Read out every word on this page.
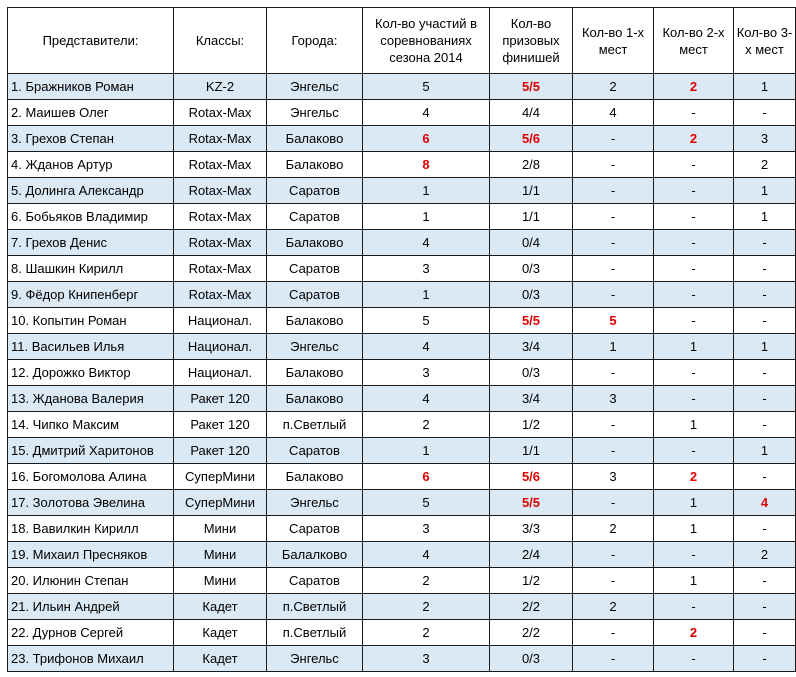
Представители:	Классы:	Города:	Кол-во участий в соревнованиях сезона 2014	Кол-во призовых финишей	Кол-во 1-х мест	Кол-во 2-х мест	Кол-во 3-х мест
1. Бражников Роман	KZ-2	Энгельс	5	5/5	2	2	1
2. Маишев Олег	Rotax-Max	Энгельс	4	4/4	4	-	-
3. Грехов Степан	Rotax-Max	Балаково	6	5/6	-	2	3
4. Жданов Артур	Rotax-Max	Балаково	8	2/8	-	-	2
5. Долинга Александр	Rotax-Max	Саратов	1	1/1	-	-	1
6. Бобьяков Владимир	Rotax-Max	Саратов	1	1/1	-	-	1
7. Грехов Денис	Rotax-Max	Балаково	4	0/4	-	-	-
8. Шашкин Кирилл	Rotax-Max	Саратов	3	0/3	-	-	-
9. Фёдор Книпенберг	Rotax-Max	Саратов	1	0/3	-	-	-
10. Копытин Роман	Национал.	Балаково	5	5/5	5	-	-
11. Васильев Илья	Национал.	Энгельс	4	3/4	1	1	1
12. Дорожко Виктор	Национал.	Балаково	3	0/3	-	-	-
13. Жданова Валерия	Ракет 120	Балаково	4	3/4	3	-	-
14. Чипко Максим	Ракет 120	п.Светлый	2	1/2	-	1	-
15. Дмитрий Харитонов	Ракет 120	Саратов	1	1/1	-	-	1
16. Богомолова Алина	СуперМини	Балаково	6	5/6	3	2	-
17. Золотова Эвелина	СуперМини	Энгельс	5	5/5	-	1	4
18. Вавилкин Кирилл	Мини	Саратов	3	3/3	2	1	-
19. Михаил Пресняков	Мини	Балалково	4	2/4	-	-	2
20. Илюнин Степан	Мини	Саратов	2	1/2	-	1	-
21. Ильин Андрей	Кадет	п.Светлый	2	2/2	2	-	-
22. Дурнов Сергей	Кадет	п.Светлый	2	2/2	-	2	-
23. Трифонов Михаил	Кадет	Энгельс	3	0/3	-	-	-
